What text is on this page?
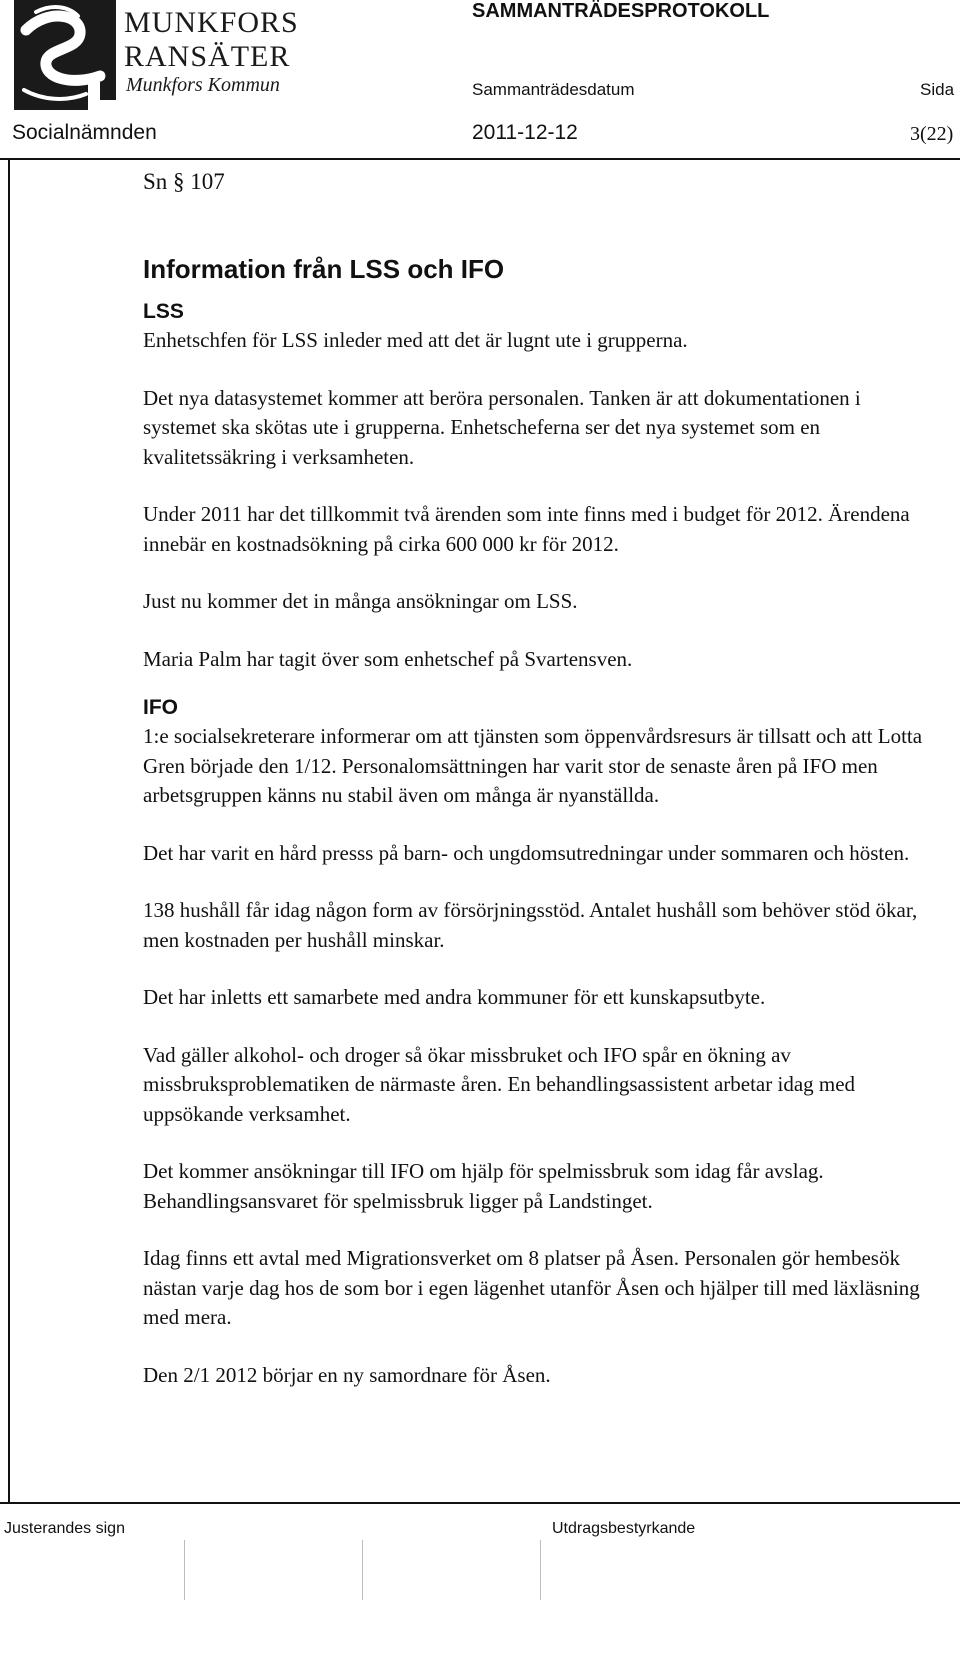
MUNKFORS
RANSÄTER
Munkfors Kommun
SAMMANTRÄDESPROTOKOLL
Sammanträdesdatum	Sida
Socialnämnden	2011-12-12	3(22)
Sn § 107
Information från LSS och IFO
LSS

Enhetschfen för LSS inleder med att det är lugnt ute i grupperna.

Det nya datasystemet kommer att beröra personalen. Tanken är att dokumentationen i systemet ska skötas ute i grupperna. Enhetscheferna ser det nya systemet som en kvalitetssäkring i verksamheten.

Under 2011 har det tillkommit två ärenden som inte finns med i budget för 2012. Ärendena innebär en kostnadsökning på cirka 600 000 kr för 2012.

Just nu kommer det in många ansökningar om LSS.

Maria Palm har tagit över som enhetschef på Svartensven.

IFO

1:e socialsekreterare informerar om att tjänsten som öppenvårdsresurs är tillsatt och att Lotta Gren började den 1/12. Personalomsättningen har varit stor de senaste åren på IFO men arbetsgruppen känns nu stabil även om många är nyanställda.

Det har varit en hård presss på barn- och ungdomsutredningar under sommaren och hösten.

138 hushåll får idag någon form av försörjningsstöd. Antalet hushåll som behöver stöd ökar, men kostnaden per hushåll minskar.

Det har inletts ett samarbete med andra kommuner för ett kunskapsutbyte.

Vad gäller alkohol- och droger så ökar missbruket och IFO spår en ökning av missbruksproblematiken de närmaste åren. En behandlingsassistent arbetar idag med uppsökande verksamhet.

Det kommer ansökningar till IFO om hjälp för spelmissbruk som idag får avslag. Behandlingsansvaret för spelmissbruk ligger på Landstinget.

Idag finns ett avtal med Migrationsverket om 8 platser på Åsen. Personalen gör hembesök nästan varje dag hos de som bor i egen lägenhet utanför Åsen och hjälper till med läxläsning med mera.

Den 2/1 2012 börjar en ny samordnare för Åsen.

Justerandes sign	Utdragsbestyrkande
